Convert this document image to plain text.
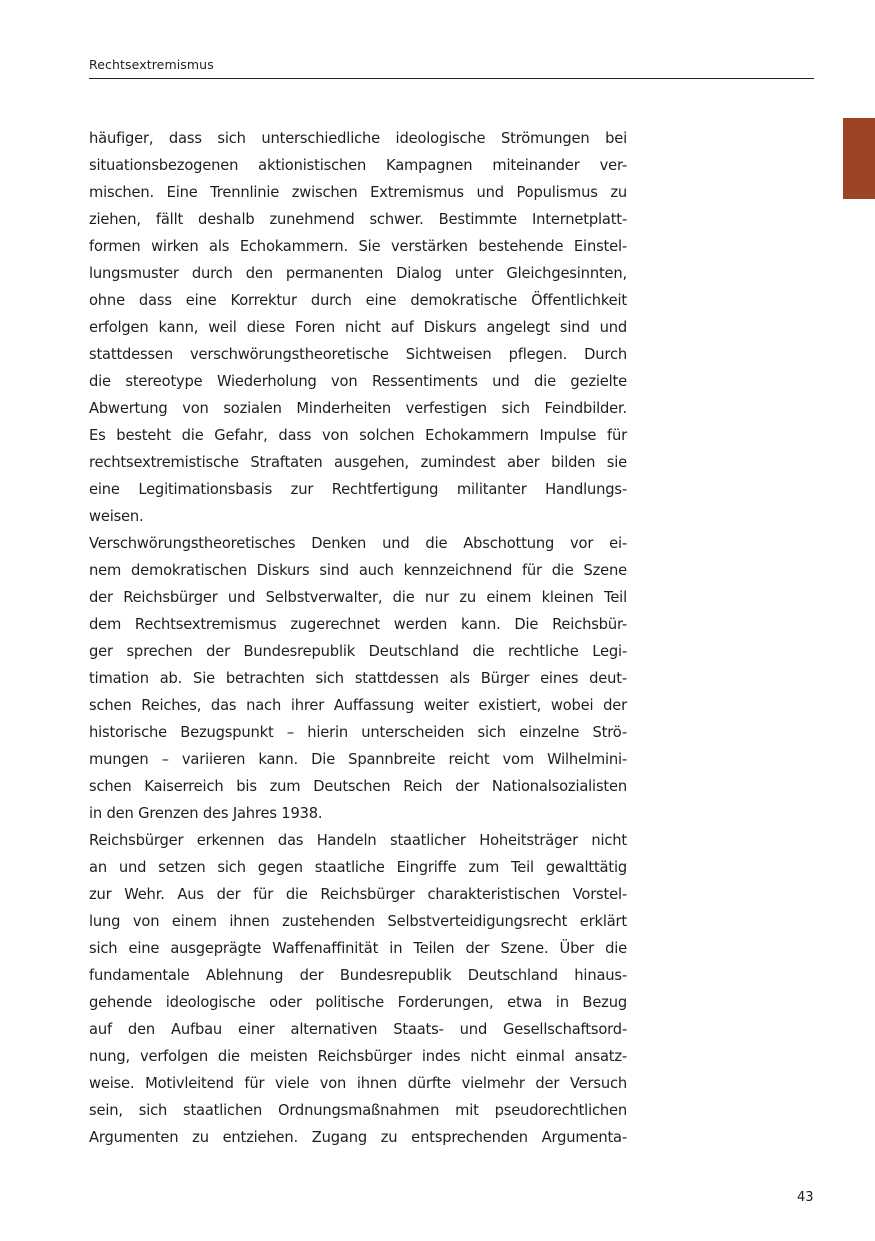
Rechtsextremismus
häufiger, dass sich unterschiedliche ideologische Strömungen bei
situationsbezogenen aktionistischen Kampagnen miteinander ver-
mischen. Eine Trennlinie zwischen Extremismus und Populismus zu
ziehen, fällt deshalb zunehmend schwer. Bestimmte Internetplatt-
formen wirken als Echokammern. Sie verstärken bestehende Einstel-
lungsmuster durch den permanenten Dialog unter Gleichgesinnten,
ohne dass eine Korrektur durch eine demokratische Öffentlichkeit
erfolgen kann, weil diese Foren nicht auf Diskurs angelegt sind und
stattdessen verschwörungstheoretische Sichtweisen pflegen. Durch
die stereotype Wiederholung von Ressentiments und die gezielte
Abwertung von sozialen Minderheiten verfestigen sich Feindbilder.
Es besteht die Gefahr, dass von solchen Echokammern Impulse für
rechtsextremistische Straftaten ausgehen, zumindest aber bilden sie
eine Legitimationsbasis zur Rechtfertigung militanter Handlungs-
weisen.
Verschwörungstheoretisches Denken und die Abschottung vor ei-
nem demokratischen Diskurs sind auch kennzeichnend für die Szene
der Reichsbürger und Selbstverwalter, die nur zu einem kleinen Teil
dem Rechtsextremismus zugerechnet werden kann. Die Reichsbür-
ger sprechen der Bundesrepublik Deutschland die rechtliche Legi-
timation ab. Sie betrachten sich stattdessen als Bürger eines deut-
schen Reiches, das nach ihrer Auffassung weiter existiert, wobei der
historische Bezugspunkt – hierin unterscheiden sich einzelne Strö-
mungen – variieren kann. Die Spannbreite reicht vom Wilhelmini-
schen Kaiserreich bis zum Deutschen Reich der Nationalsozialisten
in den Grenzen des Jahres 1938.
Reichsbürger erkennen das Handeln staatlicher Hoheitsträger nicht
an und setzen sich gegen staatliche Eingriffe zum Teil gewalttätig
zur Wehr. Aus der für die Reichsbürger charakteristischen Vorstel-
lung von einem ihnen zustehenden Selbstverteidigungsrecht erklärt
sich eine ausgeprägte Waffenaffinität in Teilen der Szene. Über die
fundamentale Ablehnung der Bundesrepublik Deutschland hinaus-
gehende ideologische oder politische Forderungen, etwa in Bezug
auf den Aufbau einer alternativen Staats- und Gesellschaftsord-
nung, verfolgen die meisten Reichsbürger indes nicht einmal ansatz-
weise. Motivleitend für viele von ihnen dürfte vielmehr der Versuch
sein, sich staatlichen Ordnungsmaßnahmen mit pseudorechtlichen
Argumenten zu entziehen. Zugang zu entsprechenden Argumenta-
43
